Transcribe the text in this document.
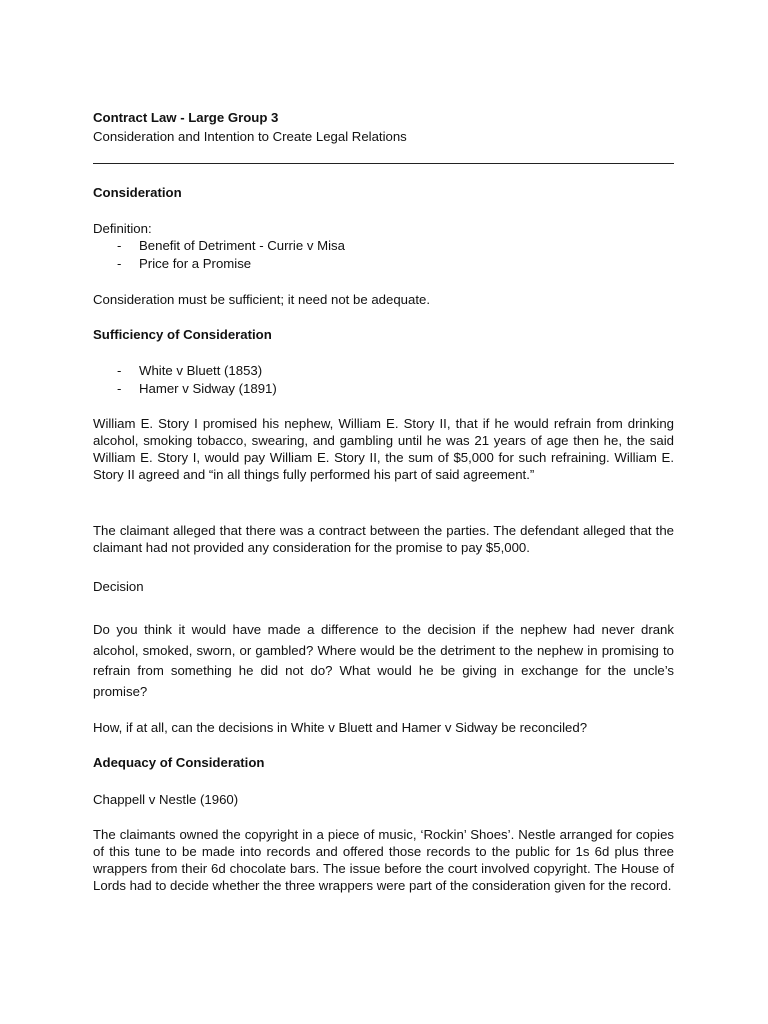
Contract Law - Large Group 3

Consideration and Intention to Create Legal Relations

Consideration

Definition:

- Benefit of Detriment - Currie v Misa
- Price for a Promise

Consideration must be sufficient; it need not be adequate.

Sufficiency of Consideration

- White v Bluett (1853)
- Hamer v Sidway (1891)

William E. Story I promised his nephew, William E. Story II, that if he would refrain from drinking alcohol, smoking tobacco, swearing, and gambling until he was 21 years of age then he, the said William E. Story I, would pay William E. Story II, the sum of $5,000 for such refraining. William E. Story II agreed and “in all things fully performed his part of said agreement.”

The claimant alleged that there was a contract between the parties. The defendant alleged that the claimant had not provided any consideration for the promise to pay $5,000.

Decision

Do you think it would have made a difference to the decision if the nephew had never drank alcohol, smoked, sworn, or gambled? Where would be the detriment to the nephew in promising to refrain from something he did not do? What would he be giving in exchange for the uncle’s promise?

How, if at all, can the decisions in White v Bluett and Hamer v Sidway be reconciled?

Adequacy of Consideration

Chappell v Nestle (1960)

The claimants owned the copyright in a piece of music, ‘Rockin’ Shoes’. Nestle arranged for copies of this tune to be made into records and offered those records to the public for 1s 6d plus three wrappers from their 6d chocolate bars. The issue before the court involved copyright. The House of Lords had to decide whether the three wrappers were part of the consideration given for the record.
